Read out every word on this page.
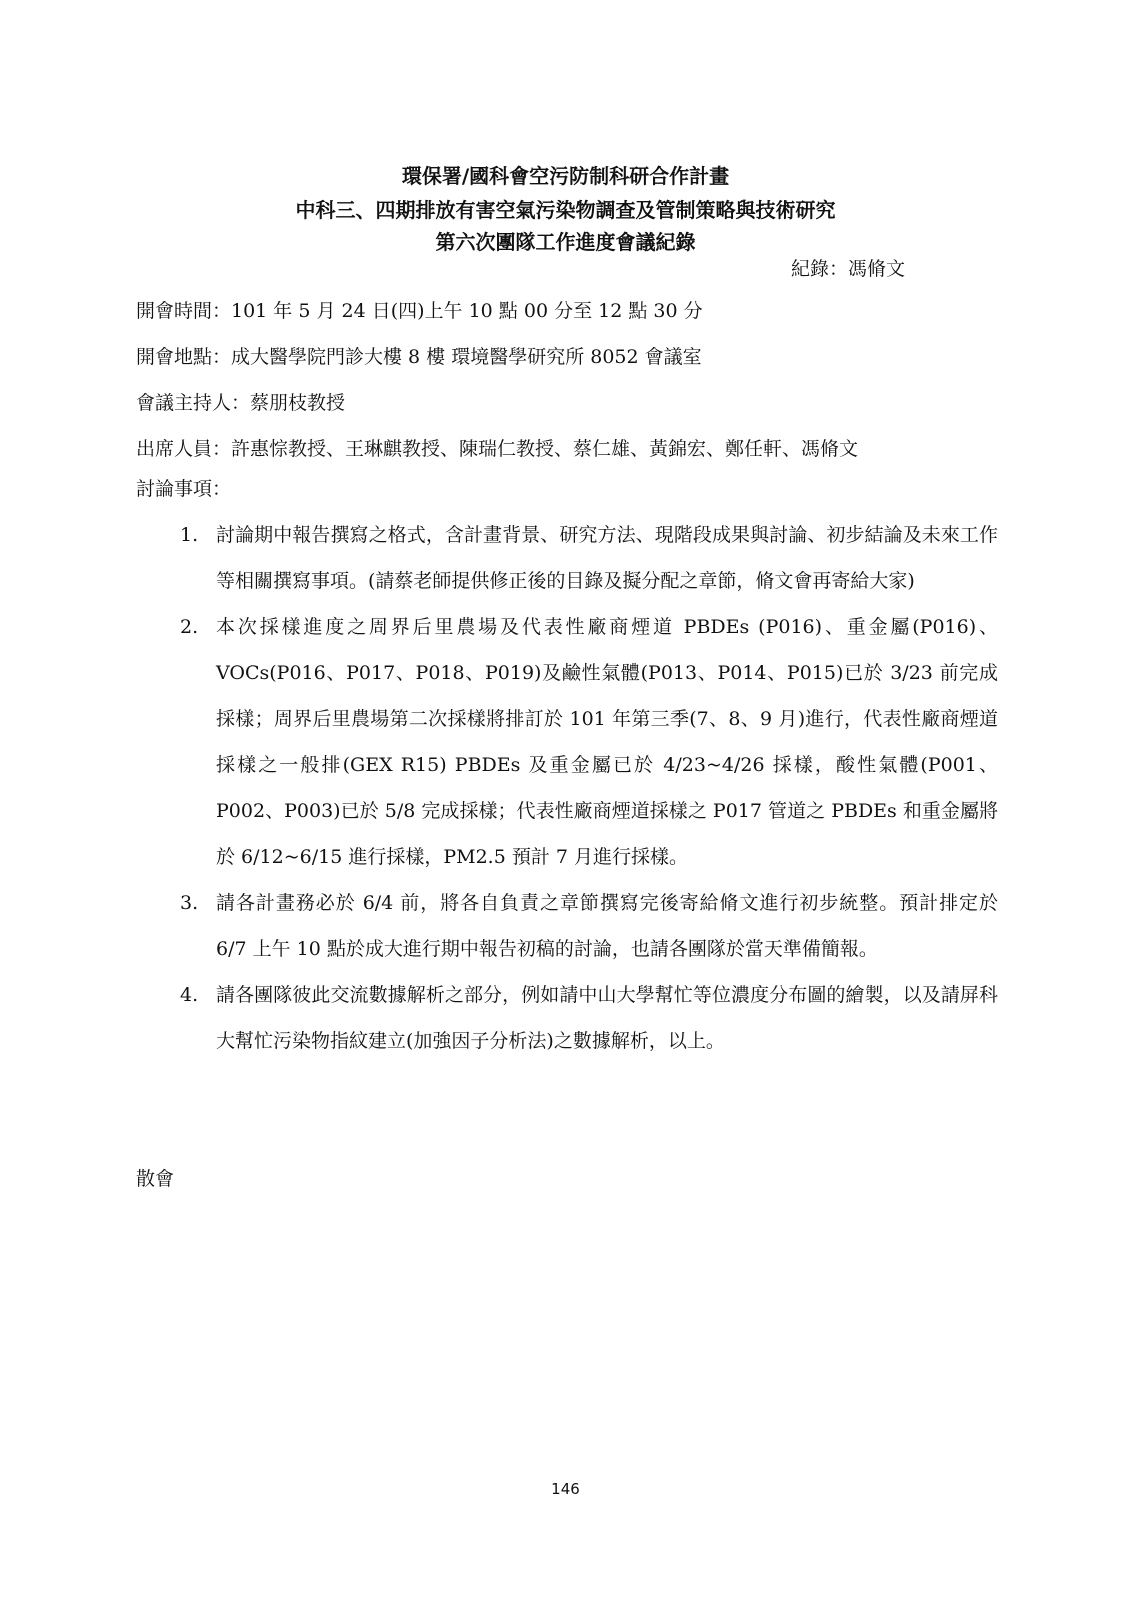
環保署/國科會空污防制科研合作計畫
中科三、四期排放有害空氣污染物調查及管制策略與技術研究
第六次團隊工作進度會議紀錄
紀錄：馮脩文
開會時間：101 年 5 月 24 日(四)上午 10 點 00 分至 12 點 30 分
開會地點：成大醫學院門診大樓 8 樓 環境醫學研究所 8052 會議室
會議主持人：蔡朋枝教授
出席人員：許惠悰教授、王琳麒教授、陳瑞仁教授、蔡仁雄、黃錦宏、鄭任軒、馮脩文
討論事項：
1. 討論期中報告撰寫之格式，含計畫背景、研究方法、現階段成果與討論、初步結論及未來工作等相關撰寫事項。(請蔡老師提供修正後的目錄及擬分配之章節，脩文會再寄給大家)
2. 本次採樣進度之周界后里農場及代表性廠商煙道 PBDEs (P016)、重金屬(P016)、VOCs(P016、P017、P018、P019)及鹼性氣體(P013、P014、P015)已於 3/23 前完成採樣；周界后里農場第二次採樣將排訂於 101 年第三季(7、8、9 月)進行，代表性廠商煙道採樣之一般排(GEX R15) PBDEs 及重金屬已於 4/23~4/26 採樣，酸性氣體(P001、P002、P003)已於 5/8 完成採樣；代表性廠商煙道採樣之 P017 管道之 PBDEs 和重金屬將於 6/12~6/15 進行採樣，PM2.5 預計 7 月進行採樣。
3. 請各計畫務必於 6/4 前，將各自負責之章節撰寫完後寄給脩文進行初步統整。預計排定於 6/7 上午 10 點於成大進行期中報告初稿的討論，也請各團隊於當天準備簡報。
4. 請各團隊彼此交流數據解析之部分，例如請中山大學幫忙等位濃度分布圖的繪製，以及請屏科大幫忙污染物指紋建立(加強因子分析法)之數據解析，以上。
散會
146
